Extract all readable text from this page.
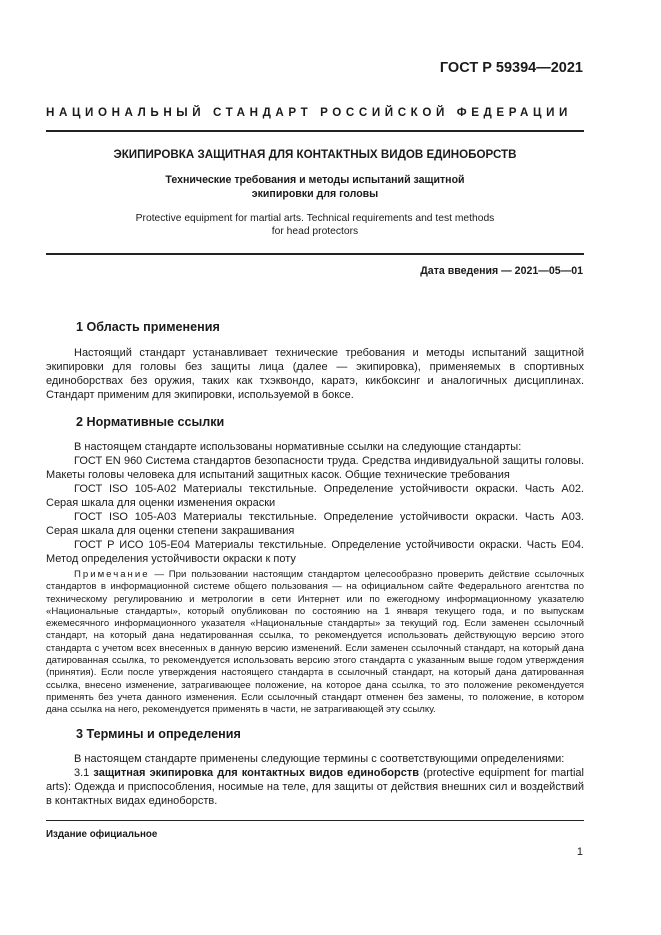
ГОСТ Р 59394—2021
НАЦИОНАЛЬНЫЙ СТАНДАРТ РОССИЙСКОЙ ФЕДЕРАЦИИ
ЭКИПИРОВКА ЗАЩИТНАЯ ДЛЯ КОНТАКТНЫХ ВИДОВ ЕДИНОБОРСТВ
Технические требования и методы испытаний защитной
экипировки для головы
Protective equipment for martial arts. Technical requirements and test methods
for head protectors
Дата введения — 2021—05—01
1 Область применения

Настоящий стандарт устанавливает технические требования и методы испытаний защитной экипировки для головы без защиты лица (далее — экипировка), применяемых в спортивных единоборствах без оружия, таких как тхэквондо, каратэ, кикбоксинг и аналогичных дисциплинах. Стандарт применим для экипировки, используемой в боксе.

2 Нормативные ссылки

В настоящем стандарте использованы нормативные ссылки на следующие стандарты:

ГОСТ EN 960 Система стандартов безопасности труда. Средства индивидуальной защиты головы. Макеты головы человека для испытаний защитных касок. Общие технические требования

ГОСТ ISO 105-A02 Материалы текстильные. Определение устойчивости окраски. Часть A02. Серая шкала для оценки изменения окраски

ГОСТ ISO 105-A03 Материалы текстильные. Определение устойчивости окраски. Часть A03. Серая шкала для оценки степени закрашивания

ГОСТ Р ИСО 105-E04 Материалы текстильные. Определение устойчивости окраски. Часть E04. Метод определения устойчивости окраски к поту

Примечание — При пользовании настоящим стандартом целесообразно проверить действие ссылочных стандартов в информационной системе общего пользования — на официальном сайте Федерального агентства по техническому регулированию и метрологии в сети Интернет или по ежегодному информационному указателю «Национальные стандарты», который опубликован по состоянию на 1 января текущего года, и по выпускам ежемесячного информационного указателя «Национальные стандарты» за текущий год. Если заменен ссылочный стандарт, на который дана недатированная ссылка, то рекомендуется использовать действующую версию этого стандарта с учетом всех внесенных в данную версию изменений. Если заменен ссылочный стандарт, на который дана датированная ссылка, то рекомендуется использовать версию этого стандарта с указанным выше годом утверждения (принятия). Если после утверждения настоящего стандарта в ссылочный стандарт, на который дана датированная ссылка, внесено изменение, затрагивающее положение, на которое дана ссылка, то это положение рекомендуется применять без учета данного изменения. Если ссылочный стандарт отменен без замены, то положение, в котором дана ссылка на него, рекомендуется применять в части, не затрагивающей эту ссылку.
3 Термины и определения

В настоящем стандарте применены следующие термины с соответствующими определениями:

3.1 защитная экипировка для контактных видов единоборств (protective equipment for martial arts): Одежда и приспособления, носимые на теле, для защиты от действия внешних сил и воздействий в контактных видах единоборств.

Издание официальное
1
